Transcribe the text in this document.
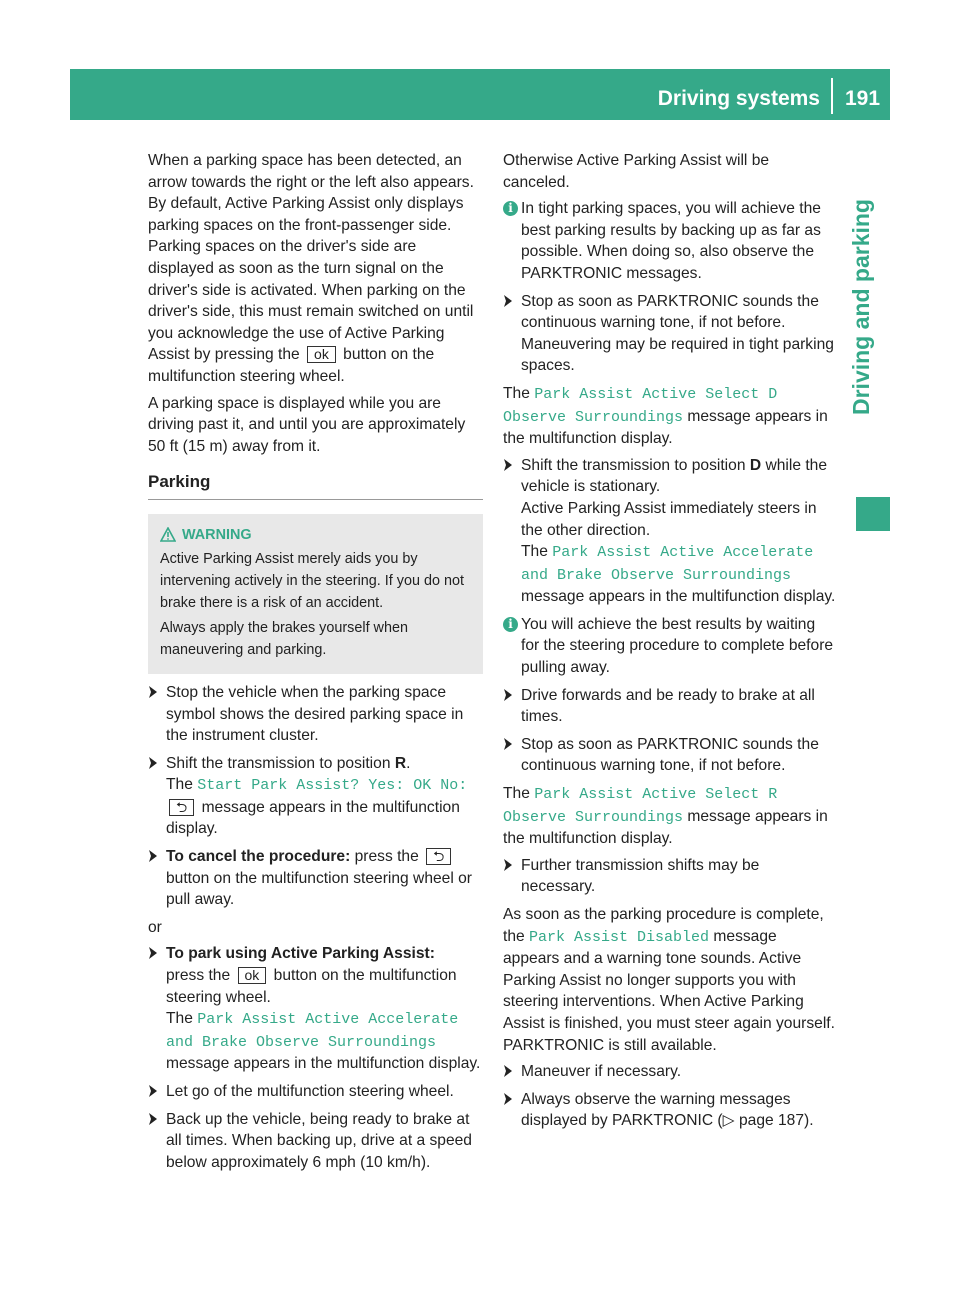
Driving systems 191
Driving and parking

When a parking space has been detected, an arrow towards the right or the left also appears. By default, Active Parking Assist only displays parking spaces on the front-passenger side. Parking spaces on the driver's side are displayed as soon as the turn signal on the driver's side is activated. When parking on the driver's side, this must remain switched on until you acknowledge the use of Active Parking Assist by pressing the ok button on the multifunction steering wheel.

A parking space is displayed while you are driving past it, and until you are approximately 50 ft (15 m) away from it.

Parking
WARNING

Active Parking Assist merely aids you by intervening actively in the steering. If you do not brake there is a risk of an accident.

Always apply the brakes yourself when maneuvering and parking.

Stop the vehicle when the parking space symbol shows the desired parking space in the instrument cluster.
Shift the transmission to position R.
The Start Park Assist? Yes: OK No:
⮌ message appears in the multifunction display.
To cancel the procedure: press the ⮌ button on the multifunction steering wheel or pull away.

or

To park using Active Parking Assist:
press the ok button on the multifunction steering wheel.
The Park Assist Active Accelerate and Brake Observe Surroundings message appears in the multifunction display.
Let go of the multifunction steering wheel.
Back up the vehicle, being ready to brake at all times. When backing up, drive at a speed below approximately 6 mph (10 km/h).

Otherwise Active Parking Assist will be canceled.

i In tight parking spaces, you will achieve the best parking results by backing up as far as possible. When doing so, also observe the PARKTRONIC messages.
Stop as soon as PARKTRONIC sounds the continuous warning tone, if not before.
Maneuvering may be required in tight parking spaces.

The Park Assist Active Select D Observe Surroundings message appears in the multifunction display.

Shift the transmission to position D while the vehicle is stationary.
Active Parking Assist immediately steers in the other direction.
The Park Assist Active Accelerate and Brake Observe Surroundings message appears in the multifunction display.
i You will achieve the best results by waiting for the steering procedure to complete before pulling away.
Drive forwards and be ready to brake at all times.
Stop as soon as PARKTRONIC sounds the continuous warning tone, if not before.

The Park Assist Active Select R Observe Surroundings message appears in the multifunction display.

Further transmission shifts may be necessary.

As soon as the parking procedure is complete, the Park Assist Disabled message appears and a warning tone sounds. Active Parking Assist no longer supports you with steering interventions. When Active Parking Assist is finished, you must steer again yourself. PARKTRONIC is still available.

Maneuver if necessary.
Always observe the warning messages displayed by PARKTRONIC (▷ page 187).
